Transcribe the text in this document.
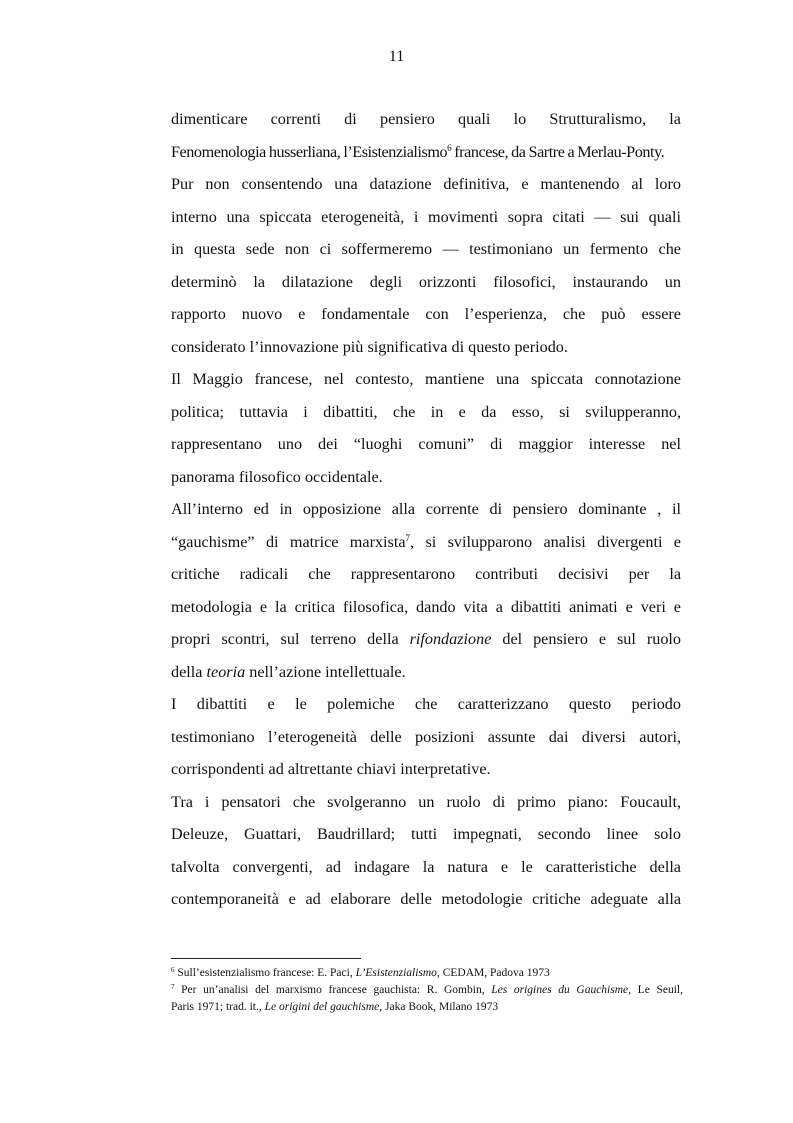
11

dimenticare correnti di pensiero quali lo Strutturalismo, la
Fenomenologia husserliana, l’Esistenzialismo$^6$ francese, da Sartre a Merlau-Ponty.

Pur non consentendo una datazione definitiva, e mantenendo al loro
interno una spiccata eterogeneità, i movimenti sopra citati — sui quali
in questa sede non ci soffermeremo — testimoniano un fermento che
determinò la dilatazione degli orizzonti filosofici, instaurando un
rapporto nuovo e fondamentale con l’esperienza, che può essere
considerato l’innovazione più significativa di questo periodo.

Il Maggio francese, nel contesto, mantiene una spiccata connotazione
politica; tuttavia i dibattiti, che in e da esso, si svilupperanno,
rappresentano uno dei “luoghi comuni” di maggior interesse nel
panorama filosofico occidentale.

All’interno ed in opposizione alla corrente di pensiero dominante , il
“gauchisme” di matrice marxista$^7$, si svilupparono analisi divergenti e
critiche radicali che rappresentarono contributi decisivi per la
metodologia e la critica filosofica, dando vita a dibattiti animati e veri e
propri scontri, sul terreno della rifondazione del pensiero e sul ruolo
della teoria nell’azione intellettuale.

I dibattiti e le polemiche che caratterizzano questo periodo
testimoniano l’eterogeneità delle posizioni assunte dai diversi autori,
corrispondenti ad altrettante chiavi interpretative.

Tra i pensatori che svolgeranno un ruolo di primo piano: Foucault,
Deleuze, Guattari, Baudrillard; tutti impegnati, secondo linee solo
talvolta convergenti, ad indagare la natura e le caratteristiche della
contemporaneità e ad elaborare delle metodologie critiche adeguate alla

$^6$ Sull’esistenzialismo francese: E. Paci, L’Esistenzialismo, CEDAM, Padova 1973
$^7$ Per un’analisi del marxismo francese gauchista: R. Gombin, Les origines du Gauchisme, Le Seuil,
Paris 1971; trad. it., Le origini del gauchisme, Jaka Book, Milano 1973
